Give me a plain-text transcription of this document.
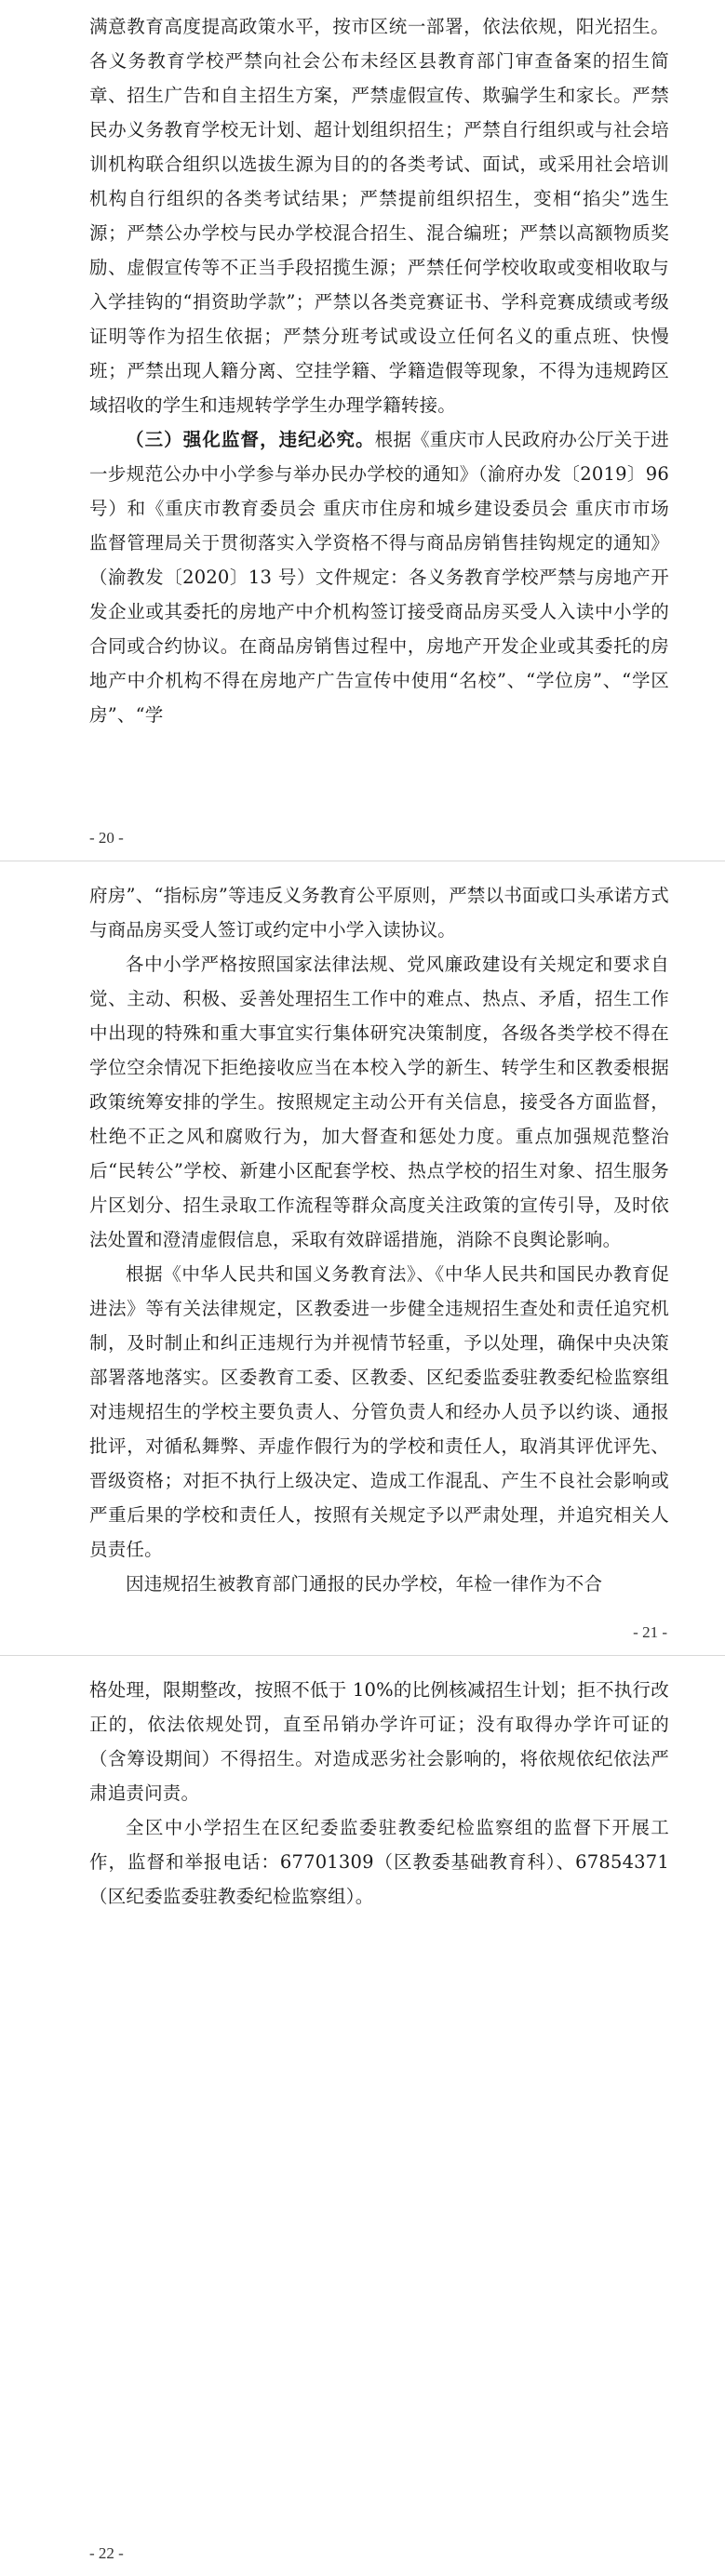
满意教育高度提高政策水平，按市区统一部署，依法依规，阳光招生。各义务教育学校严禁向社会公布未经区县教育部门审查备案的招生简章、招生广告和自主招生方案，严禁虚假宣传、欺骗学生和家长。严禁民办义务教育学校无计划、超计划组织招生；严禁自行组织或与社会培训机构联合组织以选拔生源为目的的各类考试、面试，或采用社会培训机构自行组织的各类考试结果；严禁提前组织招生，变相“掐尖”选生源；严禁公办学校与民办学校混合招生、混合编班；严禁以高额物质奖励、虚假宣传等不正当手段招揽生源；严禁任何学校收取或变相收取与入学挂钩的“捐资助学款”；严禁以各类竞赛证书、学科竞赛成绩或考级证明等作为招生依据；严禁分班考试或设立任何名义的重点班、快慢班；严禁出现人籍分离、空挂学籍、学籍造假等现象，不得为违规跨区域招收的学生和违规转学学生办理学籍转接。

（三）强化监督，违纪必究。根据《重庆市人民政府办公厅关于进一步规范公办中小学参与举办民办学校的通知》（渝府办发〔2019〕96 号）和《重庆市教育委员会 重庆市住房和城乡建设委员会 重庆市市场监督管理局关于贯彻落实入学资格不得与商品房销售挂钩规定的通知》（渝教发〔2020〕13 号）文件规定：各义务教育学校严禁与房地产开发企业或其委托的房地产中介机构签订接受商品房买受人入读中小学的合同或合约协议。在商品房销售过程中，房地产开发企业或其委托的房地产中介机构不得在房地产广告宣传中使用“名校”、“学位房”、“学区房”、“学

- 20 -

府房”、“指标房”等违反义务教育公平原则，严禁以书面或口头承诺方式与商品房买受人签订或约定中小学入读协议。

各中小学严格按照国家法律法规、党风廉政建设有关规定和要求自觉、主动、积极、妥善处理招生工作中的难点、热点、矛盾，招生工作中出现的特殊和重大事宜实行集体研究决策制度，各级各类学校不得在学位空余情况下拒绝接收应当在本校入学的新生、转学生和区教委根据政策统筹安排的学生。按照规定主动公开有关信息，接受各方面监督，杜绝不正之风和腐败行为，加大督查和惩处力度。重点加强规范整治后“民转公”学校、新建小区配套学校、热点学校的招生对象、招生服务片区划分、招生录取工作流程等群众高度关注政策的宣传引导，及时依法处置和澄清虚假信息，采取有效辟谣措施，消除不良舆论影响。

根据《中华人民共和国义务教育法》、《中华人民共和国民办教育促进法》等有关法律规定，区教委进一步健全违规招生查处和责任追究机制，及时制止和纠正违规行为并视情节轻重，予以处理，确保中央决策部署落地落实。区委教育工委、区教委、区纪委监委驻教委纪检监察组对违规招生的学校主要负责人、分管负责人和经办人员予以约谈、通报批评，对循私舞弊、弄虚作假行为的学校和责任人，取消其评优评先、晋级资格；对拒不执行上级决定、造成工作混乱、产生不良社会影响或严重后果的学校和责任人，按照有关规定予以严肃处理，并追究相关人员责任。

因违规招生被教育部门通报的民办学校，年检一律作为不合

- 21 -

格处理，限期整改，按照不低于 10%的比例核减招生计划；拒不执行改正的，依法依规处罚，直至吊销办学许可证；没有取得办学许可证的（含筹设期间）不得招生。对造成恶劣社会影响的，将依规依纪依法严肃追责问责。

全区中小学招生在区纪委监委驻教委纪检监察组的监督下开展工作，监督和举报电话：67701309（区教委基础教育科）、67854371（区纪委监委驻教委纪检监察组）。

- 22 -
